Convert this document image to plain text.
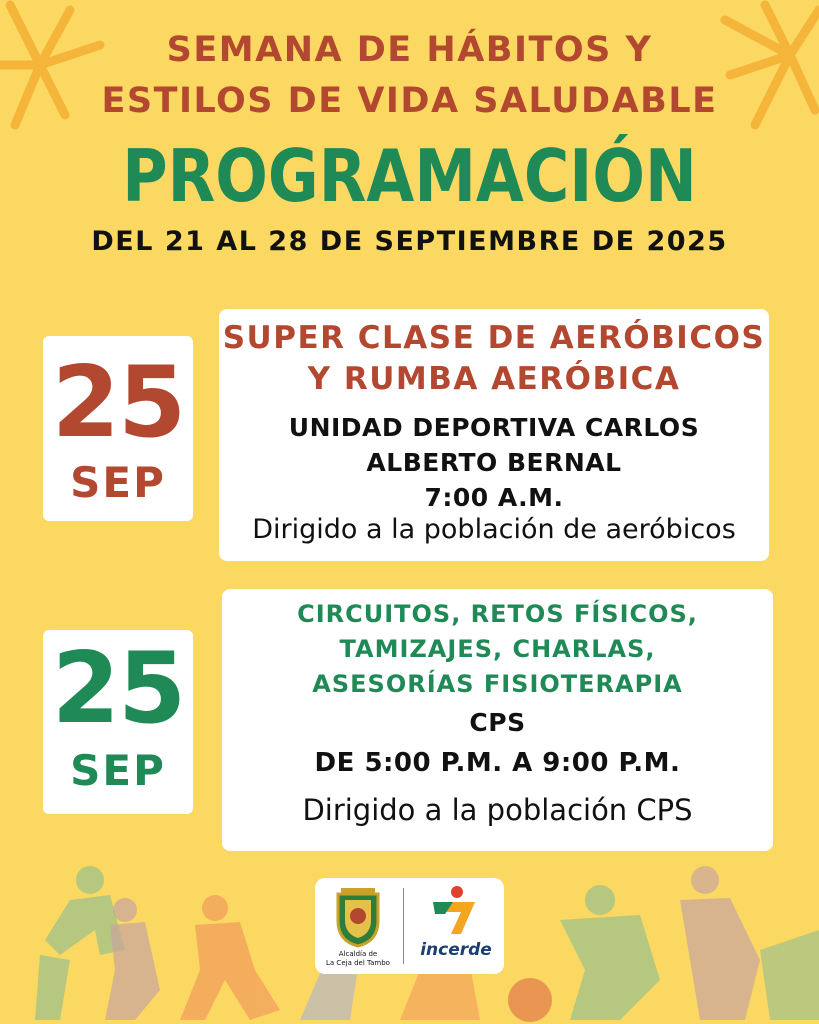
SEMANA DE HÁBITOS Y
ESTILOS DE VIDA SALUDABLE
PROGRAMACIÓN
DEL 21 AL 28 DE SEPTIEMBRE DE 2025
25
SEP
SUPER CLASE DE AERÓBICOS
Y RUMBA AERÓBICA
UNIDAD DEPORTIVA CARLOS
ALBERTO BERNAL
7:00 A.M.
Dirigido a la población de aeróbicos
25
SEP
CIRCUITOS, RETOS FÍSICOS,
TAMIZAJES, CHARLAS,
ASESORÍAS FISIOTERAPIA
CPS
DE 5:00 P.M. A 9:00 P.M.
Dirigido a la población CPS
Alcaldía de
La Ceja del Tambo
incerde
